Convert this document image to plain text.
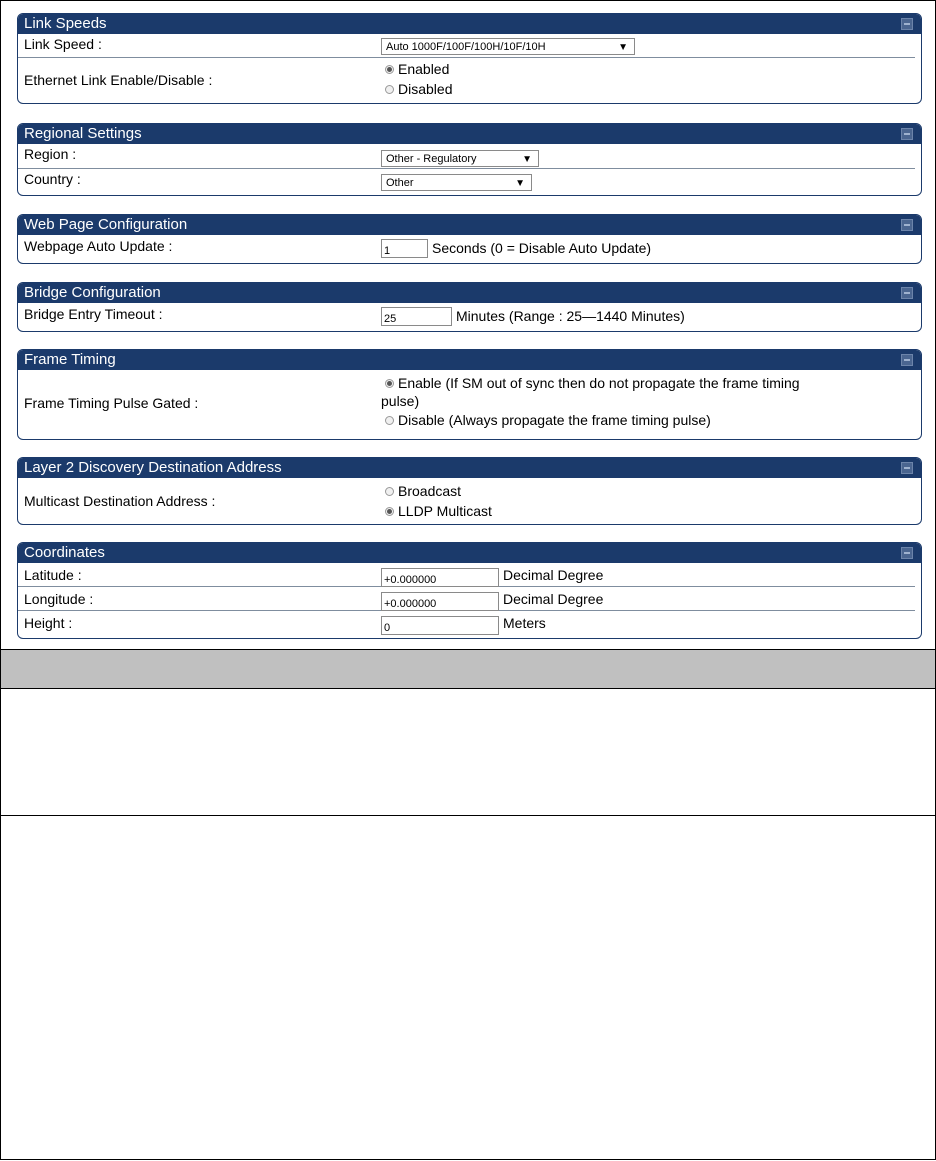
Link Speeds
Link Speed :	Auto 1000F/100F/100H/10F/10H	▼
Ethernet Link Enable/Disable :
Enabled
Disabled
Regional Settings
Region :	Other - Regulatory	▼
Country :	Other	▼
Web Page Configuration
Webpage Auto Update :	1	Seconds (0 = Disable Auto Update)
Bridge Configuration
Bridge Entry Timeout :	25	Minutes (Range : 25—1440 Minutes)
Frame Timing
Frame Timing Pulse Gated :
Enable (If SM out of sync then do not propagate the frame timing
pulse)
Disable (Always propagate the frame timing pulse)
Layer 2 Discovery Destination Address
Multicast Destination Address :
Broadcast
LLDP Multicast
Coordinates
Latitude :	+0.000000	Decimal Degree
Longitude :	+0.000000	Decimal Degree
Height :	0	Meters
